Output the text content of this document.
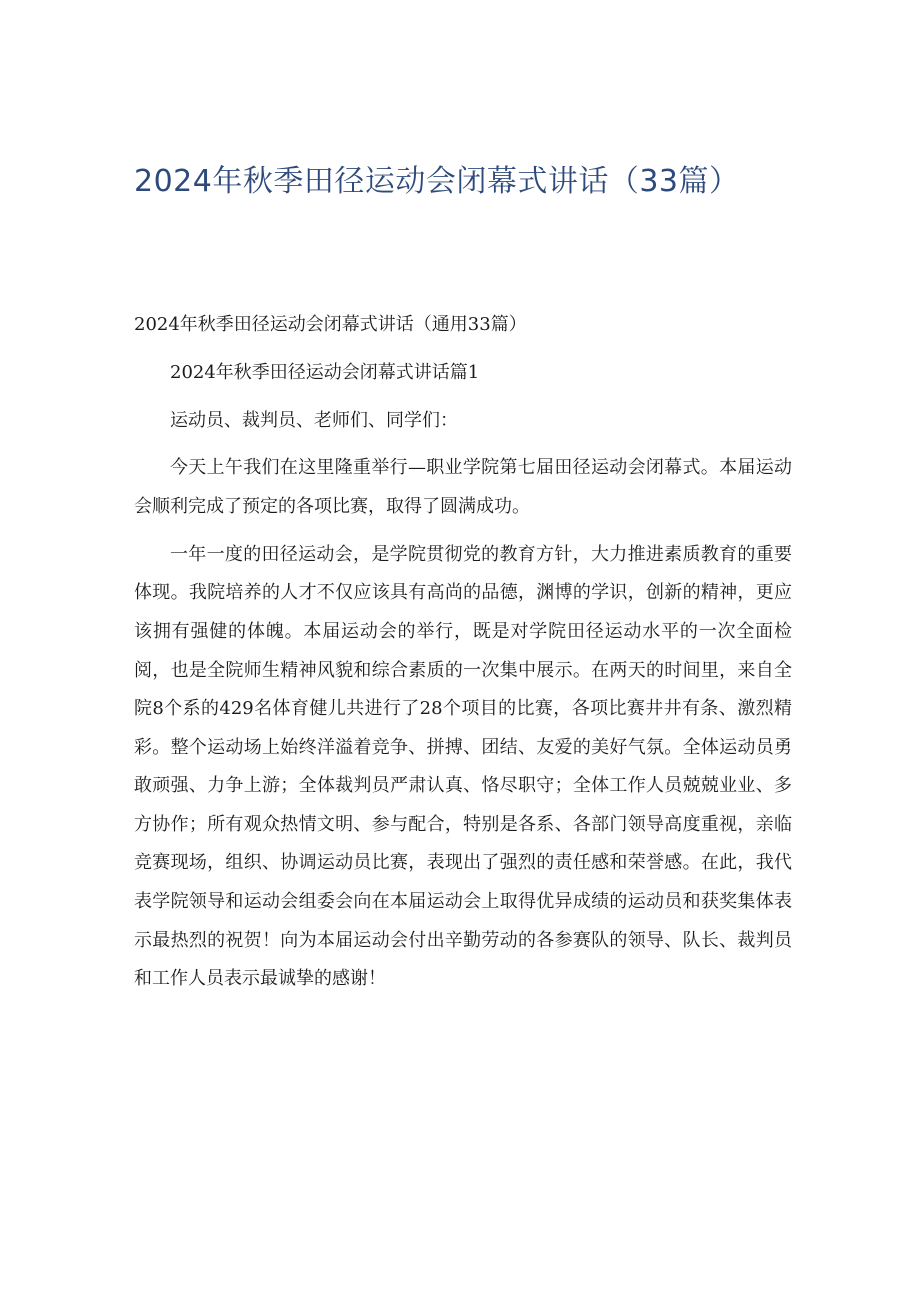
2024年秋季田径运动会闭幕式讲话（33篇）

2024年秋季田径运动会闭幕式讲话（通用33篇）

2024年秋季田径运动会闭幕式讲话篇1

运动员、裁判员、老师们、同学们：

今天上午我们在这里隆重举行—职业学院第七届田径运动会闭幕式。本届运动会顺利完成了预定的各项比赛，取得了圆满成功。

一年一度的田径运动会，是学院贯彻党的教育方针，大力推进素质教育的重要体现。我院培养的人才不仅应该具有高尚的品德，渊博的学识，创新的精神，更应该拥有强健的体魄。本届运动会的举行，既是对学院田径运动水平的一次全面检阅，也是全院师生精神风貌和综合素质的一次集中展示。在两天的时间里，来自全院8个系的429名体育健儿共进行了28个项目的比赛，各项比赛井井有条、激烈精彩。整个运动场上始终洋溢着竞争、拼搏、团结、友爱的美好气氛。全体运动员勇敢顽强、力争上游；全体裁判员严肃认真、恪尽职守；全体工作人员兢兢业业、多方协作；所有观众热情文明、参与配合，特别是各系、各部门领导高度重视，亲临竞赛现场，组织、协调运动员比赛，表现出了强烈的责任感和荣誉感。在此，我代表学院领导和运动会组委会向在本届运动会上取得优异成绩的运动员和获奖集体表示最热烈的祝贺！向为本届运动会付出辛勤劳动的各参赛队的领导、队长、裁判员和工作人员表示最诚挚的感谢！
